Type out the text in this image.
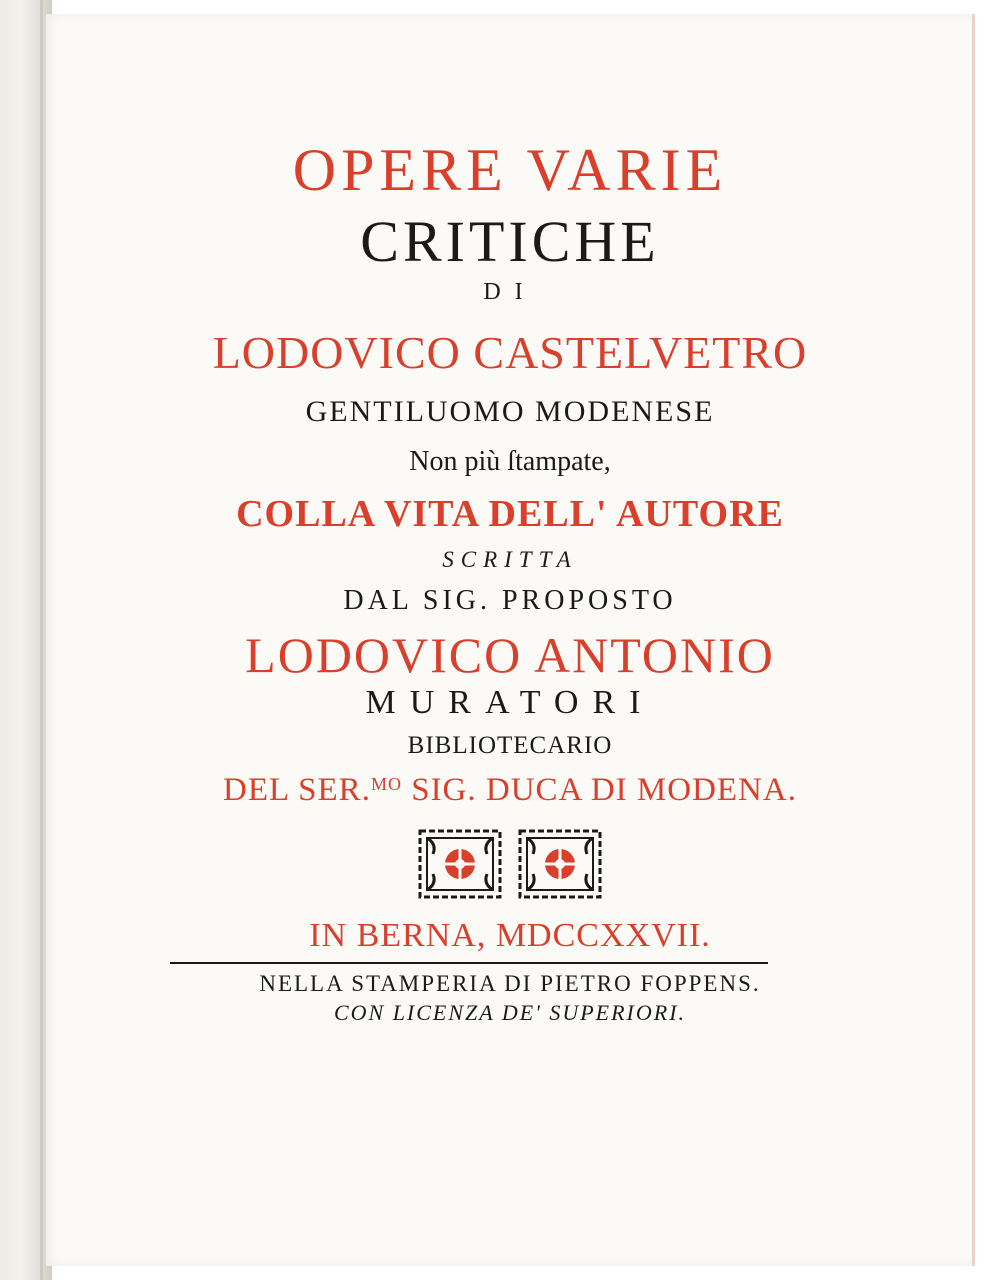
OPERE VARIE
CRITICHE
DI
LODOVICO CASTELVETRO
GENTILUOMO MODENESE
Non più ſtampate,
COLLA VITA DELL' AUTORE
SCRITTA
DAL SIG. PROPOSTO
LODOVICO ANTONIO
MURATORI
BIBLIOTECARIO
DEL SER.$^{MO}$ SIG. DUCA DI MODENA.
IN BERNA, MDCCXXVII.
NELLA STAMPERIA DI PIETRO FOPPENS.
CON LICENZA DE' SUPERIORI.
